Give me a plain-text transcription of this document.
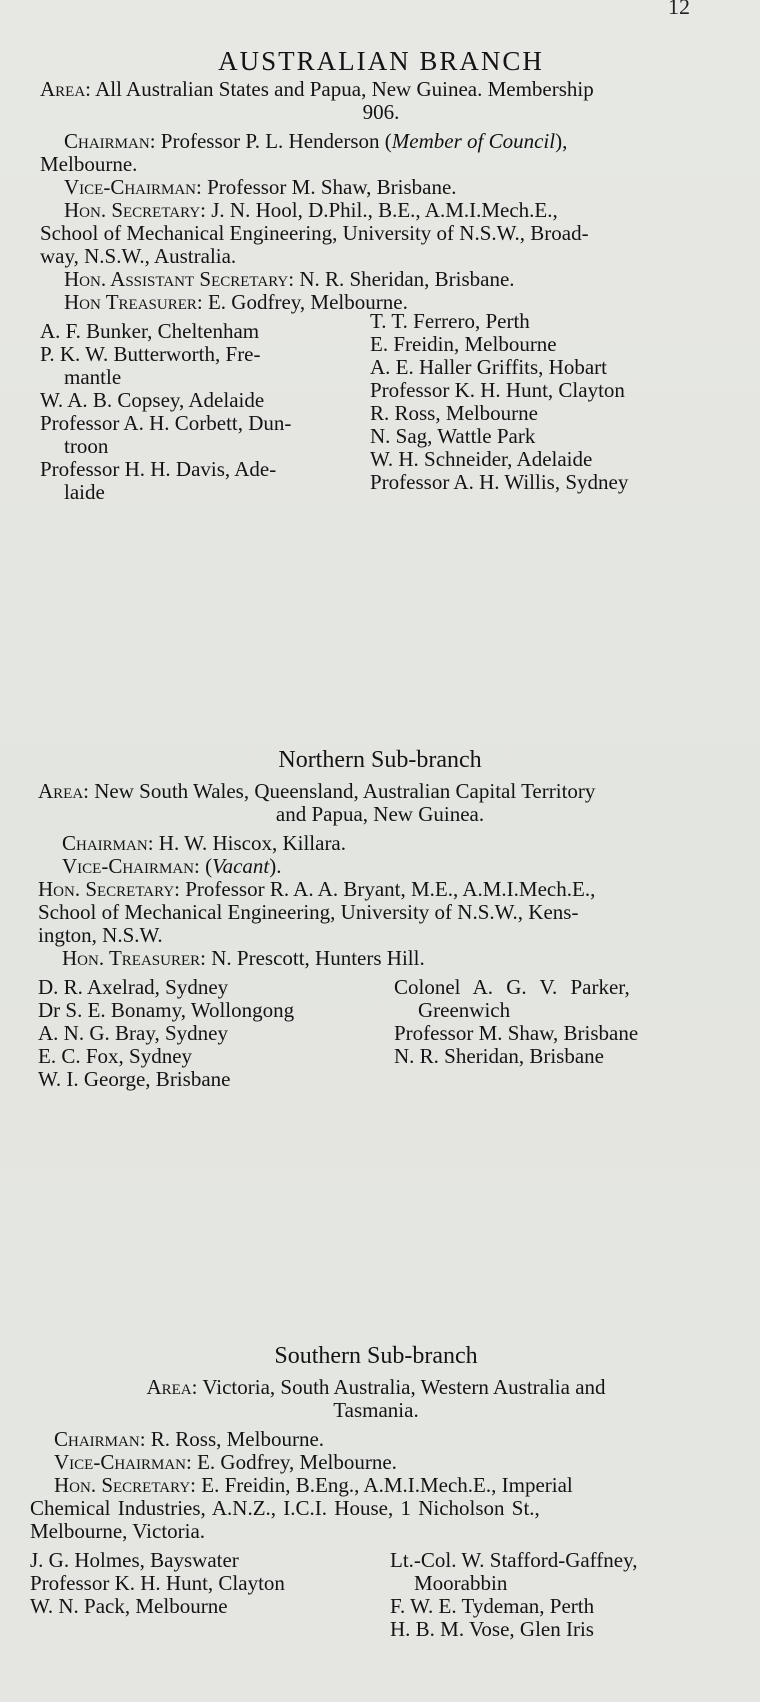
12
AUSTRALIAN BRANCH
Area: All Australian States and Papua, New Guinea. Membership
906.
Chairman: Professor P. L. Henderson (Member of Council),
Melbourne.
Vice-Chairman: Professor M. Shaw, Brisbane.
Hon. Secretary: J. N. Hool, D.Phil., B.E., A.M.I.Mech.E.,
School of Mechanical Engineering, University of N.S.W., Broad-
way, N.S.W., Australia.
Hon. Assistant Secretary: N. R. Sheridan, Brisbane.
Hon Treasurer: E. Godfrey, Melbourne.
A. F. Bunker, Cheltenham
P. K. W. Butterworth, Fre-
mantle
W. A. B. Copsey, Adelaide
Professor A. H. Corbett, Dun-
troon
Professor H. H. Davis, Ade-
laide
T. T. Ferrero, Perth
E. Freidin, Melbourne
A. E. Haller Griffits, Hobart
Professor K. H. Hunt, Clayton
R. Ross, Melbourne
N. Sag, Wattle Park
W. H. Schneider, Adelaide
Professor A. H. Willis, Sydney
Northern Sub-branch
Area: New South Wales, Queensland, Australian Capital Territory
and Papua, New Guinea.
Chairman: H. W. Hiscox, Killara.
Vice-Chairman: (Vacant).
Hon. Secretary: Professor R. A. A. Bryant, M.E., A.M.I.Mech.E.,
School of Mechanical Engineering, University of N.S.W., Kens-
ington, N.S.W.
Hon. Treasurer: N. Prescott, Hunters Hill.
D. R. Axelrad, Sydney
Dr S. E. Bonamy, Wollongong
A. N. G. Bray, Sydney
E. C. Fox, Sydney
W. I. George, Brisbane
Colonel A. G. V. Parker,
Greenwich
Professor M. Shaw, Brisbane
N. R. Sheridan, Brisbane
Southern Sub-branch
Area: Victoria, South Australia, Western Australia and
Tasmania.
Chairman: R. Ross, Melbourne.
Vice-Chairman: E. Godfrey, Melbourne.
Hon. Secretary: E. Freidin, B.Eng., A.M.I.Mech.E., Imperial
Chemical Industries, A.N.Z., I.C.I. House, 1 Nicholson St.,
Melbourne, Victoria.
J. G. Holmes, Bayswater
Professor K. H. Hunt, Clayton
W. N. Pack, Melbourne
Lt.-Col. W. Stafford-Gaffney,
Moorabbin
F. W. E. Tydeman, Perth
H. B. M. Vose, Glen Iris
